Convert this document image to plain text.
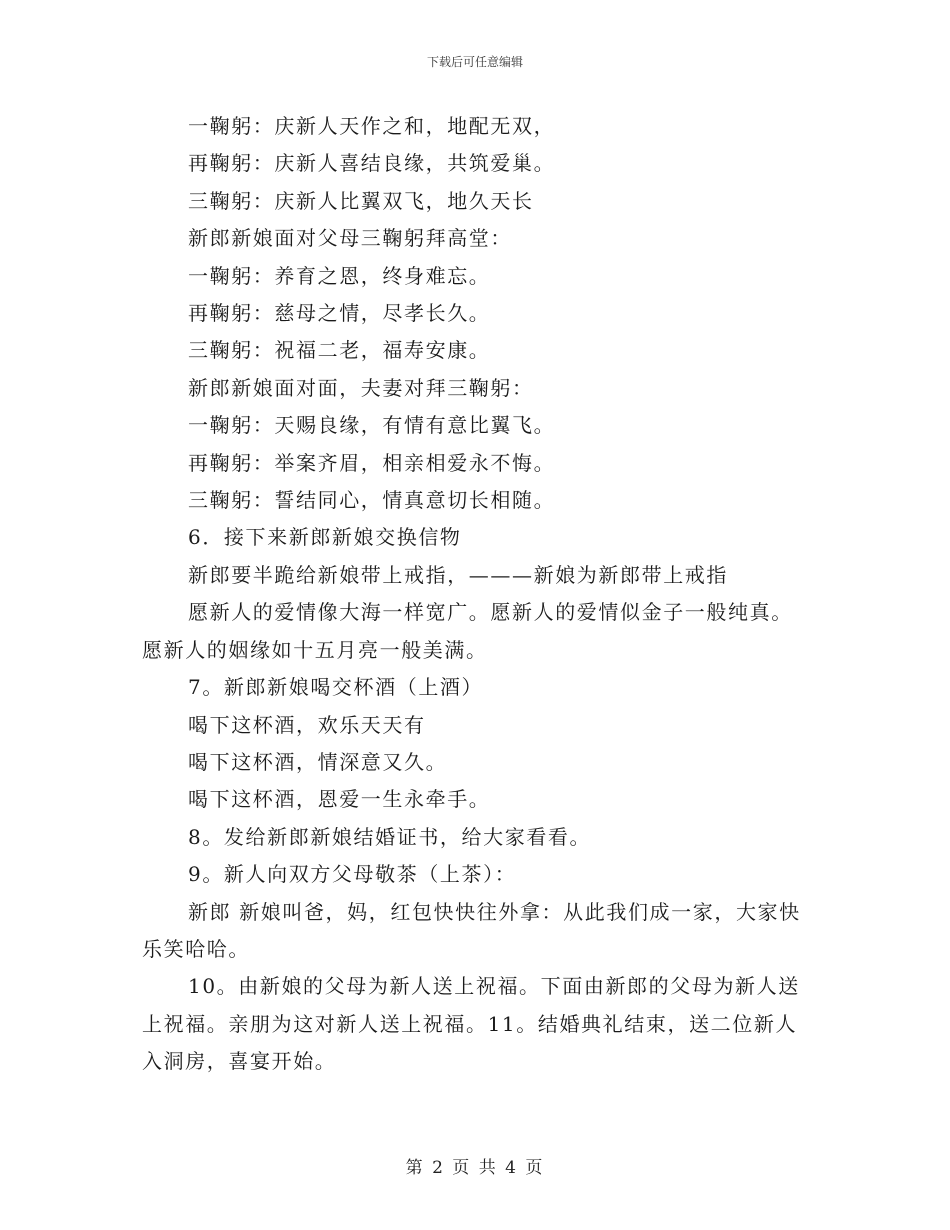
下载后可任意编辑

一鞠躬：庆新人天作之和，地配无双，

再鞠躬：庆新人喜结良缘，共筑爱巢。

三鞠躬：庆新人比翼双飞，地久天长

新郎新娘面对父母三鞠躬拜高堂：

一鞠躬：养育之恩，终身难忘。

再鞠躬：慈母之情，尽孝长久。

三鞠躬：祝福二老，福寿安康。

新郎新娘面对面，夫妻对拜三鞠躬：

一鞠躬：天赐良缘，有情有意比翼飞。

再鞠躬：举案齐眉，相亲相爱永不悔。

三鞠躬：誓结同心，情真意切长相随。

6．接下来新郎新娘交换信物

新郎要半跪给新娘带上戒指，———新娘为新郎带上戒指

愿新人的爱情像大海一样宽广。愿新人的爱情似金子一般纯真。愿新人的姻缘如十五月亮一般美满。

7。新郎新娘喝交杯酒（上酒）

喝下这杯酒，欢乐天天有

喝下这杯酒，情深意又久。

喝下这杯酒，恩爱一生永牵手。

8。发给新郎新娘结婚证书，给大家看看。

9。新人向双方父母敬茶（上茶）：

新郎 新娘叫爸，妈，红包快快往外拿：从此我们成一家，大家快乐笑哈哈。

10。由新娘的父母为新人送上祝福。下面由新郎的父母为新人送上祝福。亲朋为这对新人送上祝福。11。结婚典礼结束，送二位新人入洞房，喜宴开始。

第 2 页 共 4 页
